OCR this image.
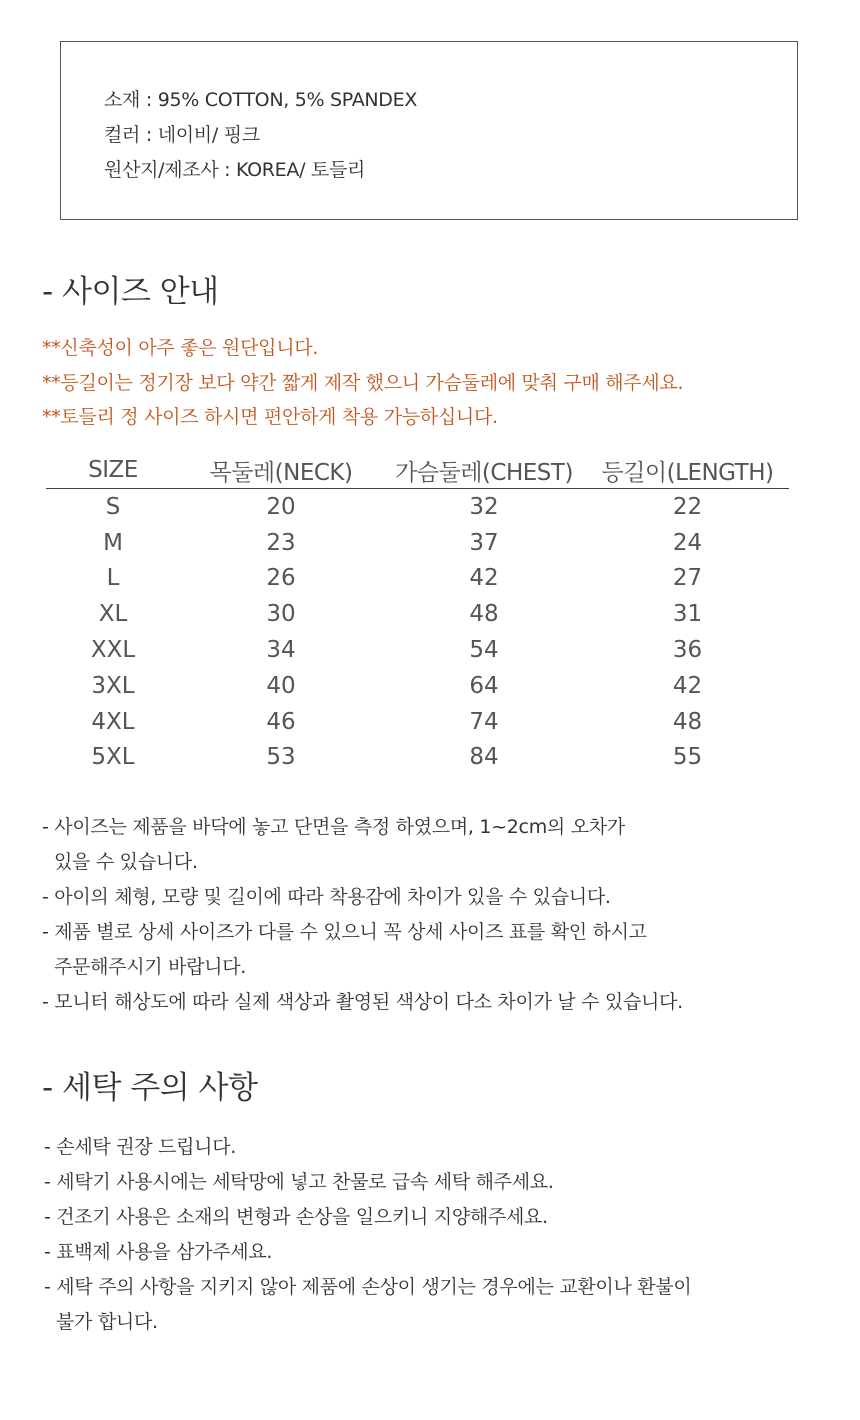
소재 : 95% COTTON, 5% SPANDEX
컬러 : 네이비/ 핑크
원산지/제조사 : KOREA/ 토들리
- 사이즈 안내
**신축성이 아주 좋은 원단입니다.
**등길이는 정기장 보다 약간 짧게 제작 했으니 가슴둘레에 맞춰 구매 해주세요.
**토들리 정 사이즈 하시면 편안하게 착용 가능하십니다.
SIZE	목둘레(NECK)	가슴둘레(CHEST)	등길이(LENGTH)
S	20	32	22
M	23	37	24
L	26	42	27
XL	30	48	31
XXL	34	54	36
3XL	40	64	42
4XL	46	74	48
5XL	53	84	55
- 사이즈는 제품을 바닥에 놓고 단면을 측정 하였으며, 1~2cm의 오차가
있을 수 있습니다.
- 아이의 체형, 모량 및 길이에 따라 착용감에 차이가 있을 수 있습니다.
- 제품 별로 상세 사이즈가 다를 수 있으니 꼭 상세 사이즈 표를 확인 하시고
주문해주시기 바랍니다.
- 모니터 해상도에 따라 실제 색상과 촬영된 색상이 다소 차이가 날 수 있습니다.
- 세탁 주의 사항
- 손세탁 권장 드립니다.
- 세탁기 사용시에는 세탁망에 넣고 찬물로 급속 세탁 해주세요.
- 건조기 사용은 소재의 변형과 손상을 일으키니 지양해주세요.
- 표백제 사용을 삼가주세요.
- 세탁 주의 사항을 지키지 않아 제품에 손상이 생기는 경우에는 교환이나 환불이
불가 합니다.
